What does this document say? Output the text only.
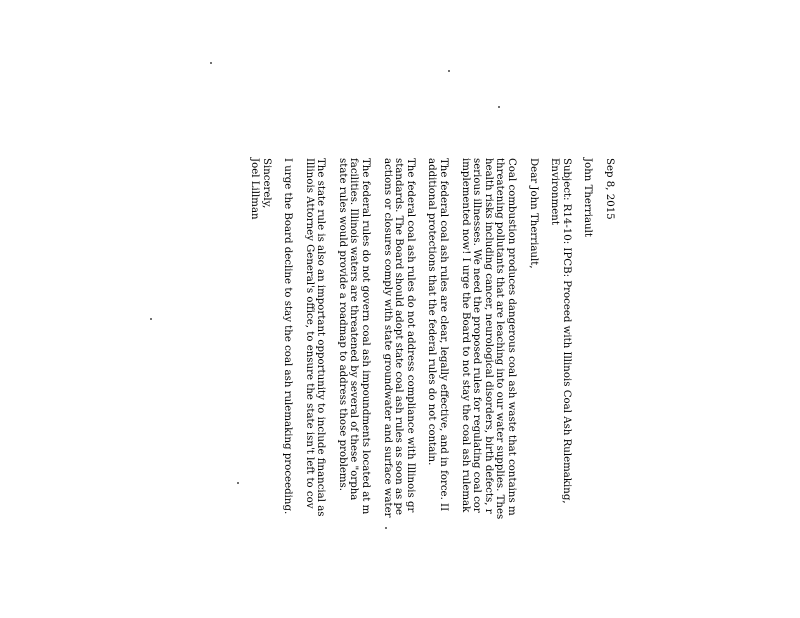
Sep 8, 2015
John Therriault
Subject: R14-10: IPCB: Proceed with Illinois Coal Ash Rulemaking,
Environment
Dear John Therriault,
Coal combustion produces dangerous coal ash waste that contains m
threatening pollutants that are leaching into our water supplies. Thes
health risks including cancer, neurological disorders, birth defects, r
serious illnesses. We need the proposed rules for regulating coal cor
implemented now! I urge the Board to not stay the coal ash rulemak
The federal coal ash rules are clear, legally effective, and in force. II
additional protections that the federal rules do not contain.
The federal coal ash rules do not address compliance with Illinois gr
standards. The Board should adopt state coal ash rules as soon as pe
actions or closures comply with state groundwater and surface water
The federal rules do not govern coal ash impoundments located at m
facilities. Illinois waters are threatened by several of these "orpha
state rules would provide a roadmap to address those problems.
The state rule is also an important opportunity to include financial as
Illinois Attorney General's office, to ensure the state isn't left to cov
I urge the Board decline to stay the coal ash rulemaking proceeding.
Sincerely,
Joel Lillman
